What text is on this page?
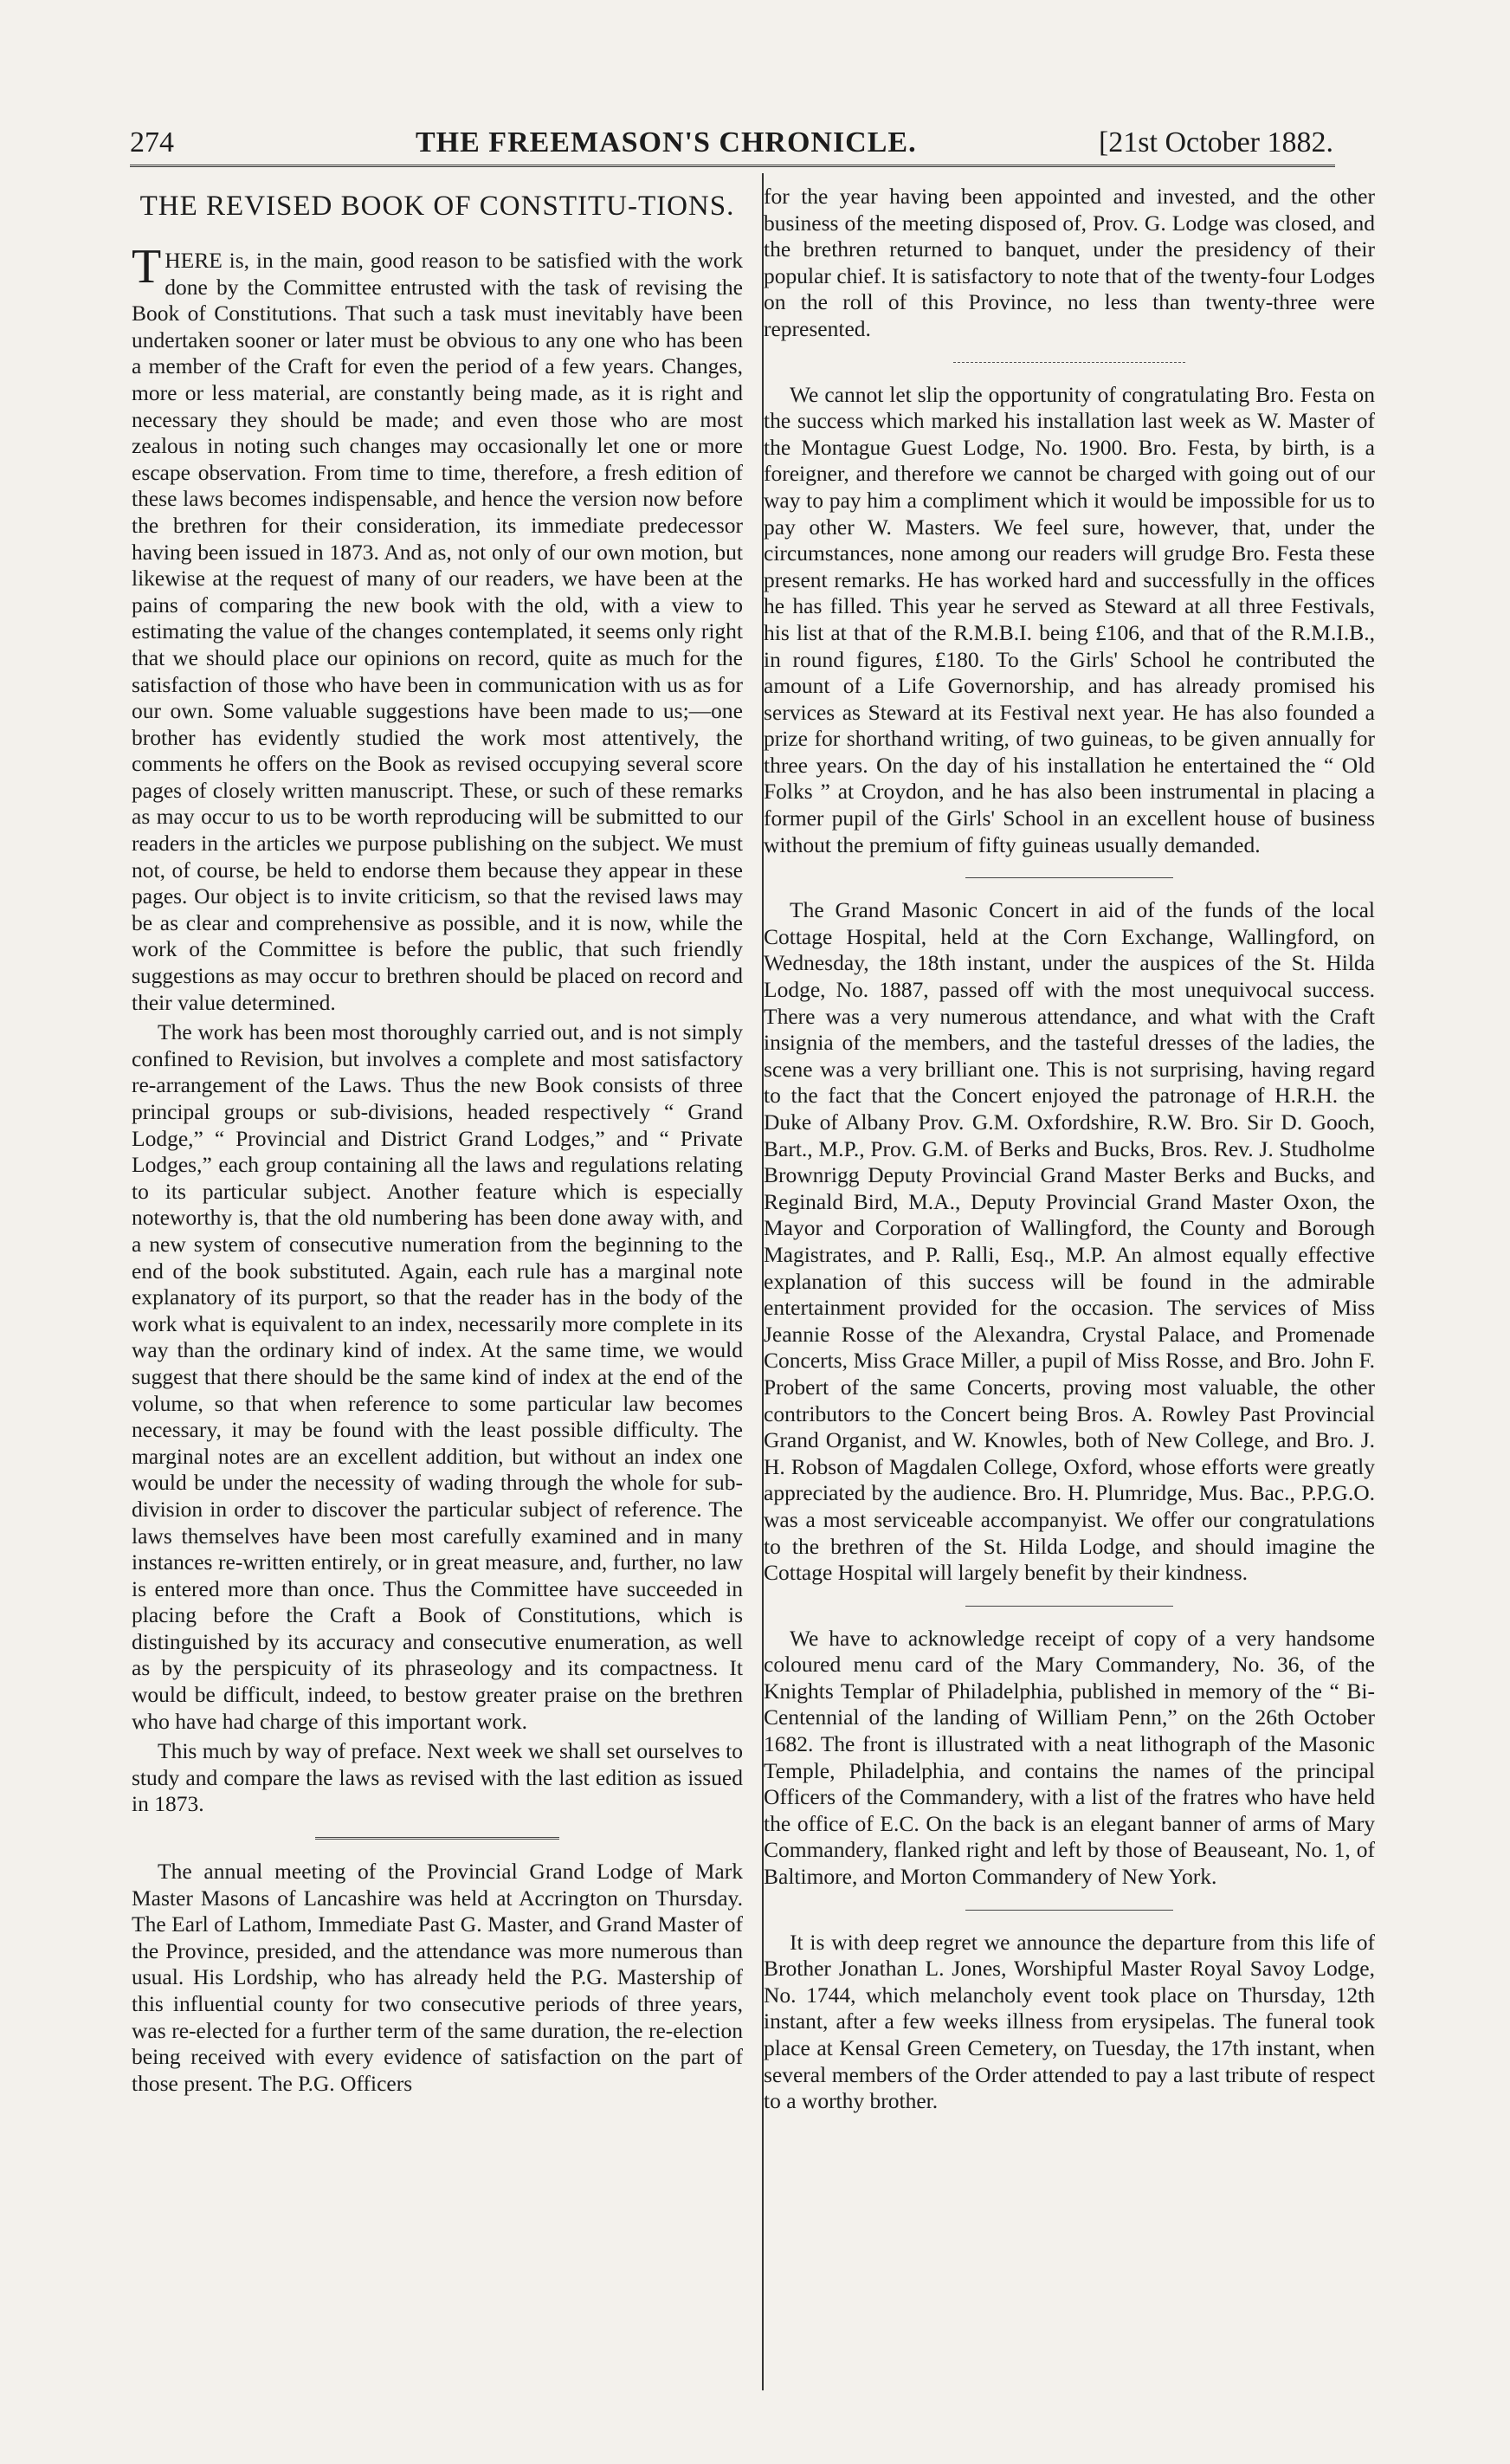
274	THE FREEMASON'S CHRONICLE.	[21st October 1882.
THE REVISED BOOK OF CONSTITU-TIONS.

THERE is, in the main, good reason to be satisfied with the work done by the Committee entrusted with the task of revising the Book of Constitutions. That such a task must inevitably have been undertaken sooner or later must be obvious to any one who has been a member of the Craft for even the period of a few years. Changes, more or less material, are constantly being made, as it is right and necessary they should be made; and even those who are most zealous in noting such changes may occasionally let one or more escape observation. From time to time, therefore, a fresh edition of these laws becomes indispensable, and hence the version now before the brethren for their consideration, its immediate predecessor having been issued in 1873. And as, not only of our own motion, but likewise at the request of many of our readers, we have been at the pains of comparing the new book with the old, with a view to estimating the value of the changes contemplated, it seems only right that we should place our opinions on record, quite as much for the satisfaction of those who have been in communication with us as for our own. Some valuable suggestions have been made to us;—one brother has evidently studied the work most attentively, the comments he offers on the Book as revised occupying several score pages of closely written manuscript. These, or such of these remarks as may occur to us to be worth reproducing will be submitted to our readers in the articles we purpose publishing on the subject. We must not, of course, be held to endorse them because they appear in these pages. Our object is to invite criticism, so that the revised laws may be as clear and comprehensive as possible, and it is now, while the work of the Committee is before the public, that such friendly suggestions as may occur to brethren should be placed on record and their value determined.

The work has been most thoroughly carried out, and is not simply confined to Revision, but involves a complete and most satisfactory re-arrangement of the Laws. Thus the new Book consists of three principal groups or sub-divisions, headed respectively “ Grand Lodge,” “ Provincial and District Grand Lodges,” and “ Private Lodges,” each group containing all the laws and regulations relating to its particular subject. Another feature which is especially noteworthy is, that the old numbering has been done away with, and a new system of consecutive numeration from the beginning to the end of the book substituted. Again, each rule has a marginal note explanatory of its purport, so that the reader has in the body of the work what is equivalent to an index, necessarily more complete in its way than the ordinary kind of index. At the same time, we would suggest that there should be the same kind of index at the end of the volume, so that when reference to some particular law becomes necessary, it may be found with the least possible difficulty. The marginal notes are an excellent addition, but without an index one would be under the necessity of wading through the whole for sub-division in order to discover the particular subject of reference. The laws themselves have been most carefully examined and in many instances re-written entirely, or in great measure, and, further, no law is entered more than once. Thus the Committee have succeeded in placing before the Craft a Book of Constitutions, which is distinguished by its accuracy and consecutive enumeration, as well as by the perspicuity of its phraseology and its compactness. It would be difficult, indeed, to bestow greater praise on the brethren who have had charge of this important work.

This much by way of preface. Next week we shall set ourselves to study and compare the laws as revised with the last edition as issued in 1873.

The annual meeting of the Provincial Grand Lodge of Mark Master Masons of Lancashire was held at Accrington on Thursday. The Earl of Lathom, Immediate Past G. Master, and Grand Master of the Province, presided, and the attendance was more numerous than usual. His Lordship, who has already held the P.G. Mastership of this influential county for two consecutive periods of three years, was re-elected for a further term of the same duration, the re-election being received with every evidence of satisfaction on the part of those present. The P.G. Officers

for the year having been appointed and invested, and the other business of the meeting disposed of, Prov. G. Lodge was closed, and the brethren returned to banquet, under the presidency of their popular chief. It is satisfactory to note that of the twenty-four Lodges on the roll of this Province, no less than twenty-three were represented.

We cannot let slip the opportunity of congratulating Bro. Festa on the success which marked his installation last week as W. Master of the Montague Guest Lodge, No. 1900. Bro. Festa, by birth, is a foreigner, and therefore we cannot be charged with going out of our way to pay him a compliment which it would be impossible for us to pay other W. Masters. We feel sure, however, that, under the circumstances, none among our readers will grudge Bro. Festa these present remarks. He has worked hard and successfully in the offices he has filled. This year he served as Steward at all three Festivals, his list at that of the R.M.B.I. being £106, and that of the R.M.I.B., in round figures, £180. To the Girls' School he contributed the amount of a Life Governorship, and has already promised his services as Steward at its Festival next year. He has also founded a prize for shorthand writing, of two guineas, to be given annually for three years. On the day of his installation he entertained the “ Old Folks ” at Croydon, and he has also been instrumental in placing a former pupil of the Girls' School in an excellent house of business without the premium of fifty guineas usually demanded.

The Grand Masonic Concert in aid of the funds of the local Cottage Hospital, held at the Corn Exchange, Wallingford, on Wednesday, the 18th instant, under the auspices of the St. Hilda Lodge, No. 1887, passed off with the most unequivocal success. There was a very numerous attendance, and what with the Craft insignia of the members, and the tasteful dresses of the ladies, the scene was a very brilliant one. This is not surprising, having regard to the fact that the Concert enjoyed the patronage of H.R.H. the Duke of Albany Prov. G.M. Oxfordshire, R.W. Bro. Sir D. Gooch, Bart., M.P., Prov. G.M. of Berks and Bucks, Bros. Rev. J. Studholme Brownrigg Deputy Provincial Grand Master Berks and Bucks, and Reginald Bird, M.A., Deputy Provincial Grand Master Oxon, the Mayor and Corporation of Wallingford, the County and Borough Magistrates, and P. Ralli, Esq., M.P. An almost equally effective explanation of this success will be found in the admirable entertainment provided for the occasion. The services of Miss Jeannie Rosse of the Alexandra, Crystal Palace, and Promenade Concerts, Miss Grace Miller, a pupil of Miss Rosse, and Bro. John F. Probert of the same Concerts, proving most valuable, the other contributors to the Concert being Bros. A. Rowley Past Provincial Grand Organist, and W. Knowles, both of New College, and Bro. J. H. Robson of Magdalen College, Oxford, whose efforts were greatly appreciated by the audience. Bro. H. Plumridge, Mus. Bac., P.P.G.O. was a most serviceable accompanyist. We offer our congratulations to the brethren of the St. Hilda Lodge, and should imagine the Cottage Hospital will largely benefit by their kindness.

We have to acknowledge receipt of copy of a very handsome coloured menu card of the Mary Commandery, No. 36, of the Knights Templar of Philadelphia, published in memory of the “ Bi-Centennial of the landing of William Penn,” on the 26th October 1682. The front is illustrated with a neat lithograph of the Masonic Temple, Philadelphia, and contains the names of the principal Officers of the Commandery, with a list of the fratres who have held the office of E.C. On the back is an elegant banner of arms of Mary Commandery, flanked right and left by those of Beauseant, No. 1, of Baltimore, and Morton Commandery of New York.

It is with deep regret we announce the departure from this life of Brother Jonathan L. Jones, Worshipful Master Royal Savoy Lodge, No. 1744, which melancholy event took place on Thursday, 12th instant, after a few weeks illness from erysipelas. The funeral took place at Kensal Green Cemetery, on Tuesday, the 17th instant, when several members of the Order attended to pay a last tribute of respect to a worthy brother.
